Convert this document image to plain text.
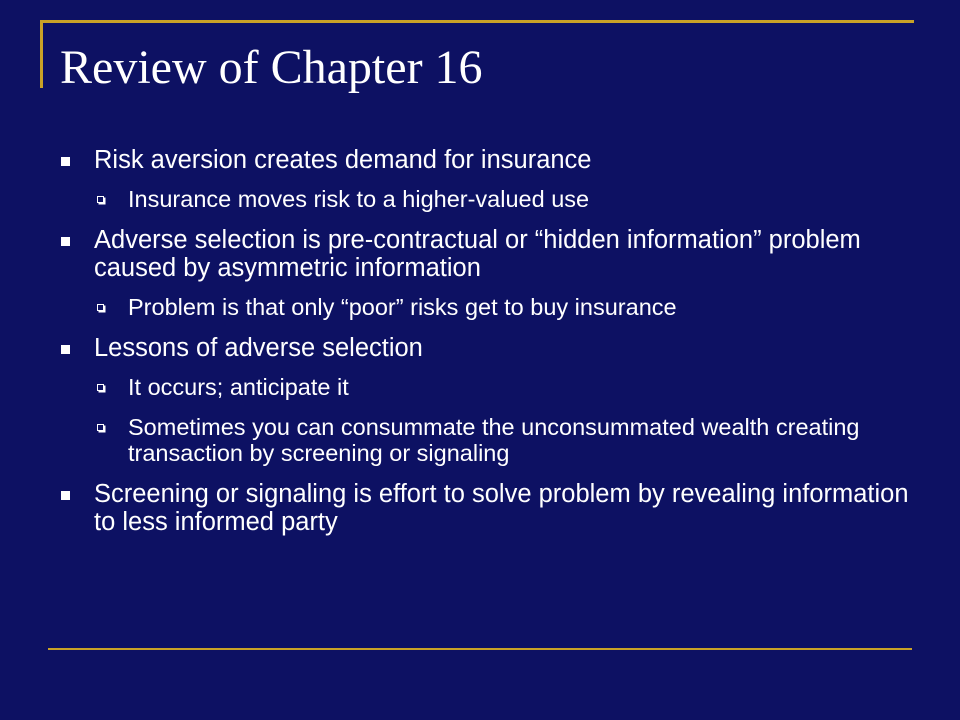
Review of Chapter 16
Risk aversion creates demand for insurance
Insurance moves risk to a higher-valued use
Adverse selection is pre-contractual or “hidden information” problem caused by asymmetric information
Problem is that only “poor” risks get to buy insurance
Lessons of adverse selection
It occurs; anticipate it
Sometimes you can consummate the unconsummated wealth creating transaction by screening or signaling
Screening or signaling is effort to solve problem by revealing information to less informed party
